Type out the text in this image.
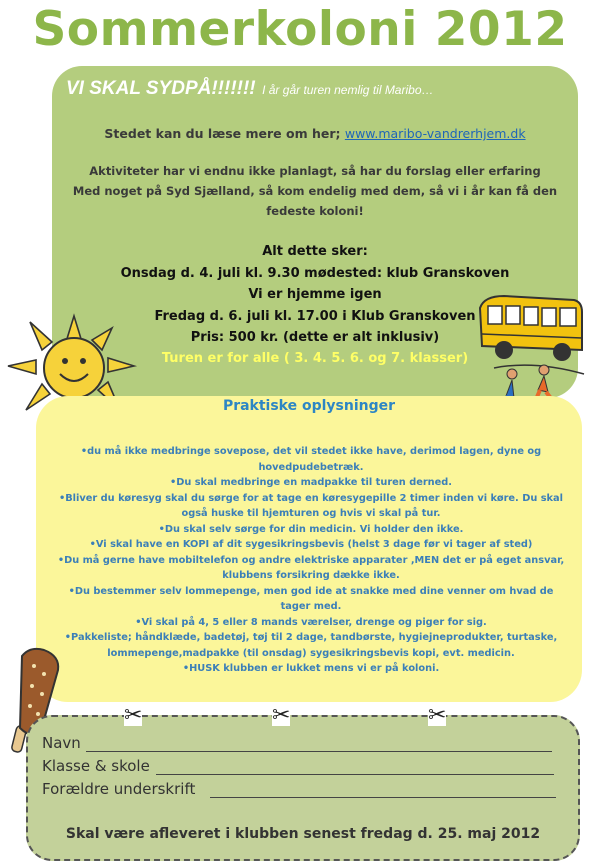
Sommerkoloni 2012
VI SKAL SYDPÅ!!!!!!! I år går turen nemlig til Maribo…
Stedet kan du læse mere om her; www.maribo-vandrerhjem.dk
Aktiviteter har vi endnu ikke planlagt, så har du forslag eller erfaring
Med noget på Syd Sjælland, så kom endelig med dem, så vi i år kan få den
fedeste koloni!
Alt dette sker:
Onsdag d. 4. juli kl. 9.30 mødested: klub Granskoven
Vi er hjemme igen
Fredag d. 6. juli kl. 17.00 i Klub Granskoven
Pris: 500 kr. (dette er alt inklusiv)
Turen er for alle ( 3. 4. 5. 6. og 7. klasser)
Praktiske oplysninger
•du må ikke medbringe sovepose, det vil stedet ikke have, derimod lagen, dyne og
hovedpudebetræk.
•Du skal medbringe en madpakke til turen derned.
•Bliver du køresyg skal du sørge for at tage en køresygepille 2 timer inden vi køre. Du skal
også huske til hjemturen og hvis vi skal på tur.
•Du skal selv sørge for din medicin. Vi holder den ikke.
•Vi skal have en KOPI af dit sygesikringsbevis (helst 3 dage før vi tager af sted)
•Du må gerne have mobiltelefon og andre elektriske apparater ,MEN det er på eget ansvar,
klubbens forsikring dække ikke.
•Du bestemmer selv lommepenge, men god ide at snakke med dine venner om hvad de
tager med.
•Vi skal på 4, 5 eller 8 mands værelser, drenge og piger for sig.
•Pakkeliste; håndklæde, badetøj, tøj til 2 dage, tandbørste, hygiejneprodukter, turtaske,
lommepenge,madpakke (til onsdag) sygesikringsbevis kopi, evt. medicin.
•HUSK klubben er lukket mens vi er på koloni.
✂	✂	✂
Navn
Klasse & skole
Forældre underskrift
Skal være afleveret i klubben senest fredag d. 25. maj 2012
